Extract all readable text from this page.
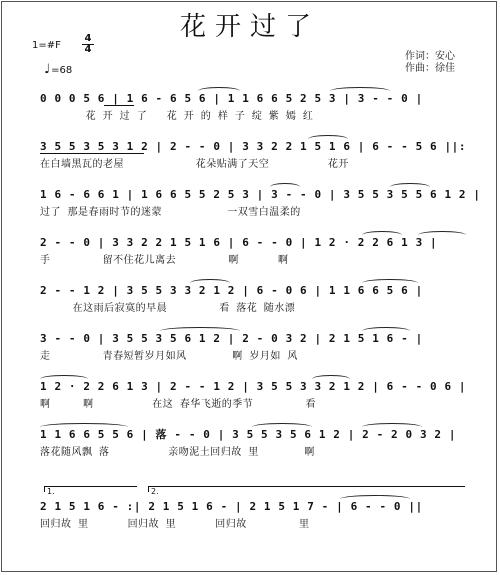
花开过了
1=#F
4
4
♩=68
作词：安心
作曲：徐佳
0 0 0 5 6 | 1 6 - 6 5 6 | 1 1 6 6 5 2 5 3 | 3 - - 0 |
花 开 过 了   花 开 的 样 子 绽 紫 嫣 红
3 5 5 3 5 3 1 2 | 2 - - 0 | 3 3 2 2 1 5 1 6 | 6 - - 5 6 ||:
在白墙黑瓦的老屋           花朵贴满了天空         花开
1 6 - 6 6 1 | 1 6 6 5 5 2 5 3 | 3 - - 0 | 3 5 5 3 5 5 6 1 2 |
过了 那是春雨时节的迷蒙          一双雪白温柔的
2 - - 0 | 3 3 2 2 1 5 1 6 | 6 - - 0 | 1 2 · 2 2 6 1 3 |
手        留不住花儿离去        啊      啊
2 - - 1 2 | 3 5 5 3 3 2 1 2 | 6 - 0 6 | 1 1 6 6 5 6 |
在这雨后寂寞的早晨        看 落花 随水漂
3 - - 0 | 3 5 5 3 5 6 1 2 | 2 - 0 3 2 | 2 1 5 1 6 - |
走        青春短暂岁月如风       啊 岁月如 风
1 2 · 2 2 6 1 3 | 2 - - 1 2 | 3 5 5 3 3 2 1 2 | 6 - - 0 6 |
啊     啊         在这 春华飞逝的季节        看
1 1 6 6 5 5 6 | 落 - - 0 | 3 5 5 3 5 6 1 2 | 2 - 2 0 3 2 |
落花随风飘 落         亲吻泥土回归故 里       啊
2 1 5 1 6 - :| 2 1 5 1 6 - | 2 1 5 1 7 - | 6 - - 0 ||
回归故 里      回归故 里      回归故        里
1.	2.
